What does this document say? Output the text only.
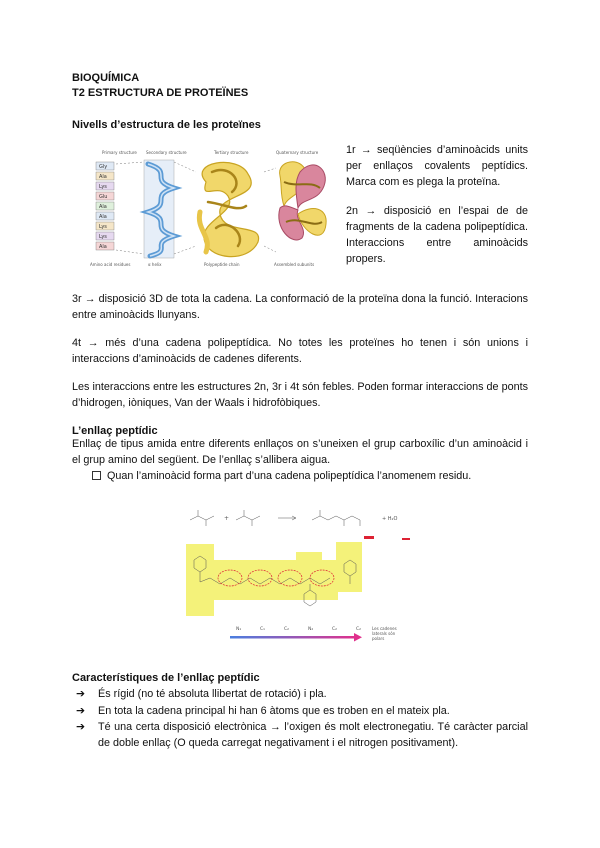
BIOQUÍMICA
T2 ESTRUCTURA DE PROTEÏNES
Nivells d’estructura de les proteïnes
Primary structure Secondary structure	Tertiary structure	Quaternary structure
Gly
Ala
Lys
Glu
Ala
Ala
Lys
Lys
Ala
Amino acid residues	α helix	Polypeptide chain	Assembled subunits
1r → seqüències d’aminoàcids units per enllaços covalents peptídics. Marca com es plega la proteïna.
2n → disposició en l’espai de de fragments de la cadena polipeptídica. Interaccions entre aminoàcids propers.
3r → disposició 3D de tota la cadena. La conformació de la proteïna dona la funció. Interacions entre aminoàcids llunyans.
4t → més d’una cadena polipeptídica. No totes les proteïnes ho tenen i són unions i interaccions d’aminoàcids de cadenes diferents.
Les interaccions entre les estructures 2n, 3r i 4t són febles. Poden formar interaccions de ponts d’hidrogen, iòniques, Van der Waals i hidrofòbiques.
L’enllaç peptídic
Enllaç de tipus amida entre diferents enllaços on s’uneixen el grup carboxílic d’un aminoàcid i el grup amino del següent. De l’enllaç s’allibera aigua.
Quan l’aminoàcid forma part d’una cadena polipeptídica l’anomenem residu.
+	+ H₂O
N₁	C₁	C₂	N₂	C₂	C₂	Les cadenes
laterals són
polars
Característiques de l’enllaç peptídic
➔ És rígid (no té absoluta llibertat de rotació) i pla.
➔ En tota la cadena principal hi han 6 àtoms que es troben en el mateix pla.
➔ Té una certa disposició electrònica → l’oxigen és molt electronegatiu. Té caràcter parcial de doble enllaç (O queda carregat negativament i el nitrogen positivament).
